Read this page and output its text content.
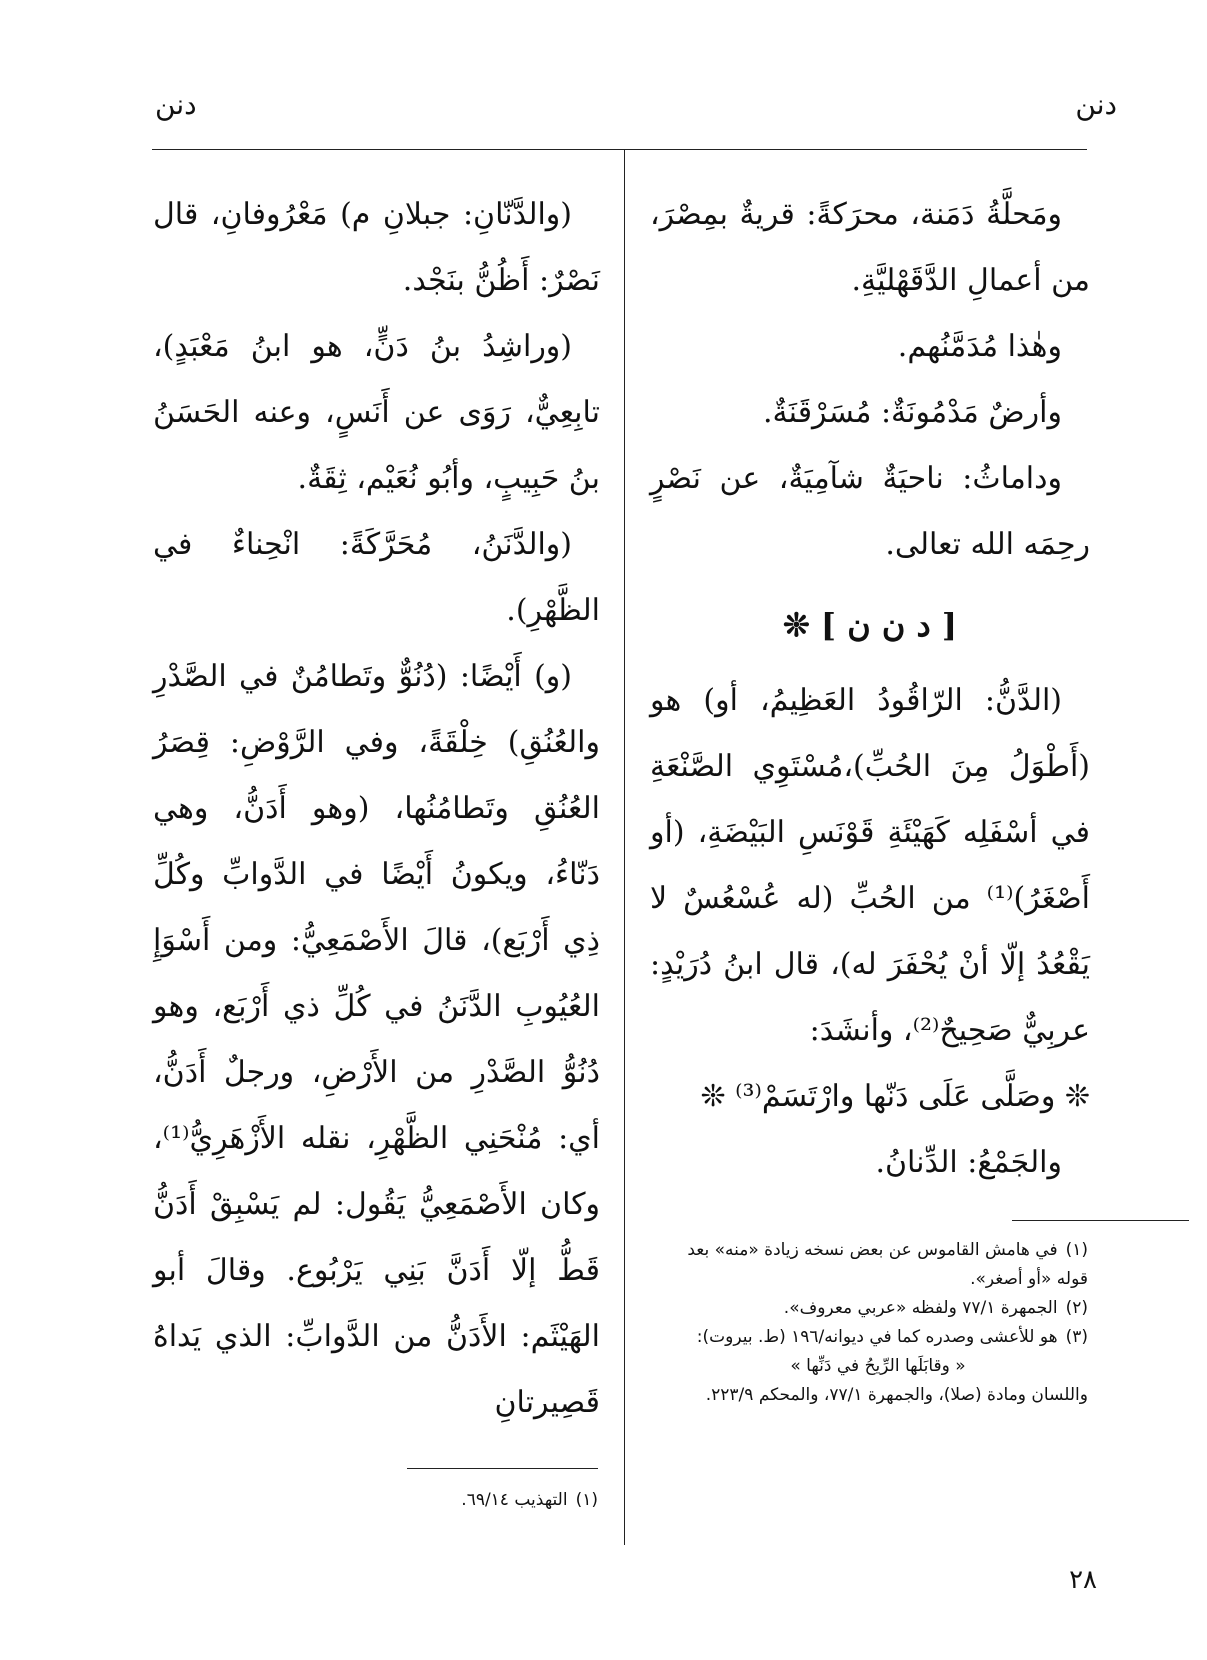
دنن
دنن

ومَحلَّةُ دَمَنة، محرَكةً: قريةٌ بمِصْرَ، من أعمالِ الدَّقَهْليَّةِ.

وهٰذا مُدَمَّنُهم.

وأرضٌ مَدْمُونَةٌ: مُسَرْقَنَةٌ.

وداماثُ: ناحيَةٌ شآمِيَةٌ، عن نَصْرٍ رحِمَه الله تعالى.

[ د ن ن ] ❊

(الدَّنُّ: الرّاقُودُ العَظِيمُ، أو) هو (أَطْوَلُ مِنَ الحُبِّ)،مُسْتَوِي الصَّنْعَةِ في أسْفَلِه كَهَيْئَةِ قَوْنَسِ البَيْضَةِ، (أو أَصْغَرُ)⁽¹⁾ من الحُبِّ (له عُسْعُسٌ لا يَقْعُدُ إلّا أنْ يُحْفَرَ له)، قال ابنُ دُرَيْدٍ: عربِيٌّ صَحِيحٌ⁽²⁾، وأنشَدَ:

❊ وصَلَّى عَلَى دَنّها وارْتَسَمْ⁽³⁾ ❊

والجَمْعُ: الدِّنانُ.

(والدَّنّانِ: جبلانِ م) مَعْرُوفانِ، قال نَصْرٌ: أَظُنُّ بنَجْد.

(وراشِدُ بنُ دَنٍّ، هو ابنُ مَعْبَدٍ)، تابِعِيٌّ، رَوَى عن أَنَسٍ، وعنه الحَسَنُ بنُ حَبِيبٍ، وأبُو نُعَيْم، ثِقَةٌ.

(والدَّنَنُ، مُحَرَّكَةً: انْحِناءٌ في الظَّهْرِ).

(و) أَيْضًا: (دُنُوٌّ وتَطامُنٌ في الصَّدْرِ والعُنُقِ) خِلْقَةً، وفي الرَّوْضِ: قِصَرُ العُنُقِ وتَطامُنُها، (وهو أَدَنُّ، وهي دَنّاءُ، ويكونُ أَيْضًا في الدَّوابِّ وكُلِّ ذِي أَرْبَع)، قالَ الأَصْمَعِيُّ: ومن أَسْوَإِ العُيُوبِ الدَّنَنُ في كُلِّ ذي أَرْبَع، وهو دُنُوُّ الصَّدْرِ من الأَرْضِ، ورجلٌ أَدَنُّ، أي: مُنْحَنِي الظَّهْرِ، نقله الأَزْهَرِيُّ⁽¹⁾، وكان الأَصْمَعِيُّ يَقُول: لم يَسْبِقْ أَدَنُّ قَطُّ إلّا أَدَنَّ بَنِي يَرْبُوع. وقالَ أبو الهَيْثَم: الأَدَنُّ من الدَّوابِّ: الذي يَداهُ قَصِيرتانِ

(١)في هامش القاموس عن بعض نسخه زيادة «منه» بعد قوله «أو أصغر».

(٢)الجمهرة ٧٧/١ ولفظه «عربي معروف».

(٣)هو للأعشى وصدره كما في ديوانه/١٩٦ (ط. بيروت):

« وقابَلَها الرِّيحُ في دَنِّها »

واللسان ومادة (صلا)، والجمهرة ٧٧/١، والمحكم ٢٢٣/٩.

(١)التهذيب ٦٩/١٤.

٢٨
